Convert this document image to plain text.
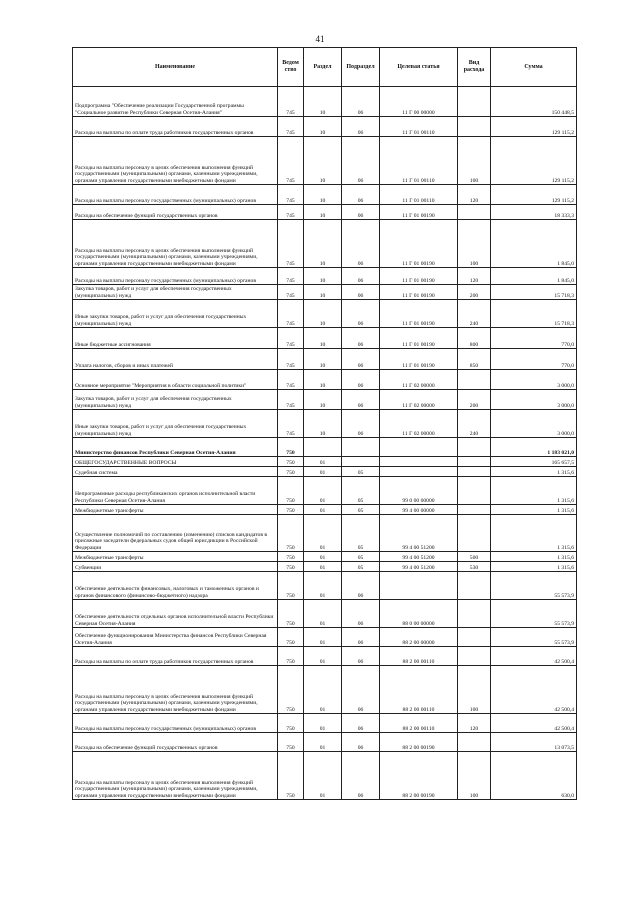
41
Наименование	Ведом ство	Раздел	Подраздел	Целевая статья	Вид расхода	Сумма
Подпрограмма "Обеспечение реализации Государственной программы "Социальное развитие Республики Северная Осетия-Алания"	745	10	06	11 Г 00 00000		150 448,5
Расходы на выплаты по оплате труда работников государственных органов	745	10	06	11 Г 01 00110		129 115,2
Расходы на выплаты персоналу в целях обеспечения выполнения функций государственными (муниципальными) органами, казенными учреждениями, органами управления государственными внебюджетными фондами	745	10	06	11 Г 01 00110	100	129 115,2
Расходы на выплаты персоналу государственных (муниципальных) органов	745	10	06	11 Г 01 00110	120	129 115,2
Расходы на обеспечение функций государственных органов	745	10	06	11 Г 01 00190		18 333,3
Расходы на выплаты персоналу в целях обеспечения выполнения функций государственными (муниципальными) органами, казенными учреждениями, органами управления государственными внебюджетными фондами	745	10	06	11 Г 01 00190	100	1 845,0
Расходы на выплаты персоналу государственных (муниципальных) органов	745	10	06	11 Г 01 00190	120	1 845,0
Закупка товаров, работ и услуг для обеспечения государственных (муниципальных) нужд	745	10	06	11 Г 01 00190	200	15 718,3
Иные закупки товаров, работ и услуг для обеспечения государственных (муниципальных) нужд	745	10	06	11 Г 01 00190	240	15 718,3
Иные бюджетные ассигнования	745	10	06	11 Г 01 00190	800	770,0
Уплата налогов, сборов и иных платежей	745	10	06	11 Г 01 00190	850	770,0
Основное мероприятие "Мероприятия в области социальной политики"	745	10	06	11 Г 02 00000		3 000,0
Закупка товаров, работ и услуг для обеспечения государственных (муниципальных) нужд	745	10	06	11 Г 02 00000	200	3 000,0
Иные закупки товаров, работ и услуг для обеспечения государственных (муниципальных) нужд	745	10	06	11 Г 02 00000	240	3 000,0
Министерство финансов Республики Северная Осетия-Алания	750					1 183 021,0
ОБЩЕГОСУДАРСТВЕННЫЕ ВОПРОСЫ	750	01				165 657,5
Судебная система	750	01	05			1 315,6
Непрограммные расходы республиканских органов исполнительной власти Республики Северная Осетия-Алания	750	01	05	99 0 00 00000		1 315,6
Межбюджетные трансферты	750	01	05	99 4 00 00000		1 315,6
Осуществление полномочий по составлению (изменению) списков кандидатов в присяжные заседатели федеральных судов общей юрисдикции в Российской Федерации	750	01	05	99 4 00 51200		1 315,6
Межбюджетные трансферты	750	01	05	99 4 00 51200	500	1 315,6
Субвенции	750	01	05	99 4 00 51200	530	1 315,6
Обеспечение деятельности финансовых, налоговых и таможенных органов и органов финансового (финансово-бюджетного) надзора	750	01	06			55 573,9
Обеспечение деятельности отдельных органов исполнительной власти Республики Северная Осетия-Алания	750	01	06	88 0 00 00000		55 573,9
Обеспечение функционирования Министерства финансов Республики Северная Осетия-Алания	750	01	06	88 2 00 00000		55 573,9
Расходы на выплаты по оплате труда работников государственных органов	750	01	06	88 2 00 00110		42 500,4
Расходы на выплаты персоналу в целях обеспечения выполнения функций государственными (муниципальными) органами, казенными учреждениями, органами управления государственными внебюджетными фондами	750	01	06	88 2 00 00110	100	42 500,4
Расходы на выплаты персоналу государственных (муниципальных) органов	750	01	06	88 2 00 00110	120	42 500,4
Расходы на обеспечение функций государственных органов	750	01	06	88 2 00 00190		13 073,5
Расходы на выплаты персоналу в целях обеспечения выполнения функций государственными (муниципальными) органами, казенными учреждениями, органами управления государственными внебюджетными фондами	750	01	06	88 2 00 00190	100	630,0
